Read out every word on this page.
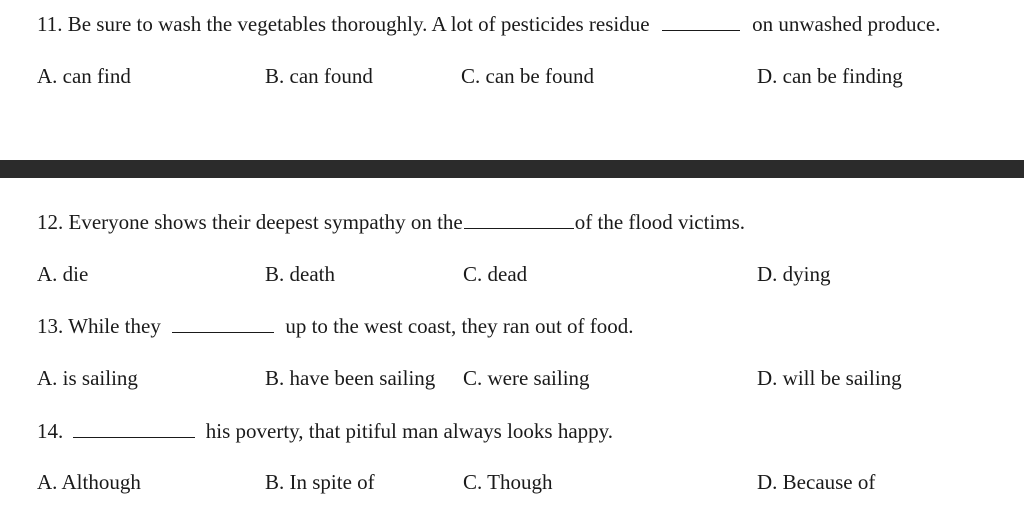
11. Be sure to wash the vegetables thoroughly. A lot of pesticides residue	on unwashed produce.
A. can find	B. can found	C. can be found	D. can be finding
12. Everyone shows their deepest sympathy on the	of the flood victims.
A. die	B. death	C. dead	D. dying
13. While they	up to the west coast, they ran out of food.
A. is sailing	B. have been sailing C. were sailing	D. will be sailing
14.	his poverty, that pitiful man always looks happy.
A. Although	B. In spite of	C. Though	D. Because of
